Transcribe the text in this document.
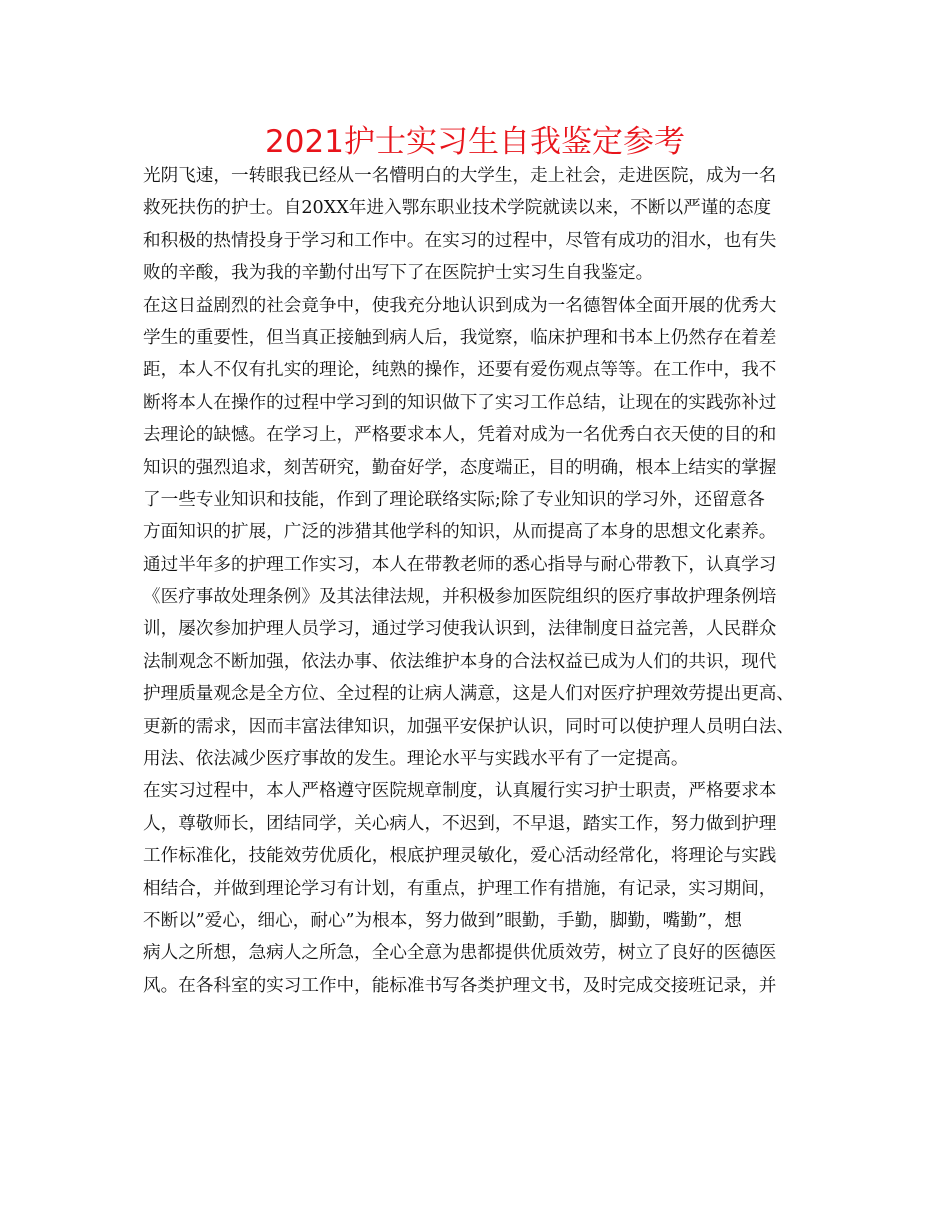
2021护士实习生自我鉴定参考
光阴飞速，一转眼我已经从一名懵明白的大学生，走上社会，走进医院，成为一名
救死扶伤的护士。自20XX年进入鄂东职业技术学院就读以来，不断以严谨的态度
和积极的热情投身于学习和工作中。在实习的过程中，尽管有成功的泪水，也有失
败的辛酸，我为我的辛勤付出写下了在医院护士实习生自我鉴定。
在这日益剧烈的社会竟争中，使我充分地认识到成为一名德智体全面开展的优秀大
学生的重要性，但当真正接触到病人后，我觉察，临床护理和书本上仍然存在着差
距，本人不仅有扎实的理论，纯熟的操作，还要有爱伤观点等等。在工作中，我不
断将本人在操作的过程中学习到的知识做下了实习工作总结，让现在的实践弥补过
去理论的缺憾。在学习上，严格要求本人，凭着对成为一名优秀白衣天使的目的和
知识的强烈追求，刻苦研究，勤奋好学，态度端正，目的明确，根本上结实的掌握
了一些专业知识和技能，作到了理论联络实际;除了专业知识的学习外，还留意各
方面知识的扩展，广泛的涉猎其他学科的知识，从而提高了本身的思想文化素养。
通过半年多的护理工作实习，本人在带教老师的悉心指导与耐心带教下，认真学习
《医疗事故处理条例》及其法律法规，并积极参加医院组织的医疗事故护理条例培
训，屡次参加护理人员学习，通过学习使我认识到，法律制度日益完善，人民群众
法制观念不断加强，依法办事、依法维护本身的合法权益已成为人们的共识，现代
护理质量观念是全方位、全过程的让病人满意，这是人们对医疗护理效劳提出更高、
更新的需求，因而丰富法律知识，加强平安保护认识，同时可以使护理人员明白法、
用法、依法减少医疗事故的发生。理论水平与实践水平有了一定提高。
在实习过程中，本人严格遵守医院规章制度，认真履行实习护士职责，严格要求本
人，尊敬师长，团结同学，关心病人，不迟到，不早退，踏实工作，努力做到护理
工作标准化，技能效劳优质化，根底护理灵敏化，爱心活动经常化，将理论与实践
相结合，并做到理论学习有计划，有重点，护理工作有措施，有记录，实习期间，
不断以”爱心，细心，耐心”为根本，努力做到”眼勤，手勤，脚勤，嘴勤”，想
病人之所想，急病人之所急，全心全意为患都提供优质效劳，树立了良好的医德医
风。在各科室的实习工作中，能标准书写各类护理文书，及时完成交接班记录，并
